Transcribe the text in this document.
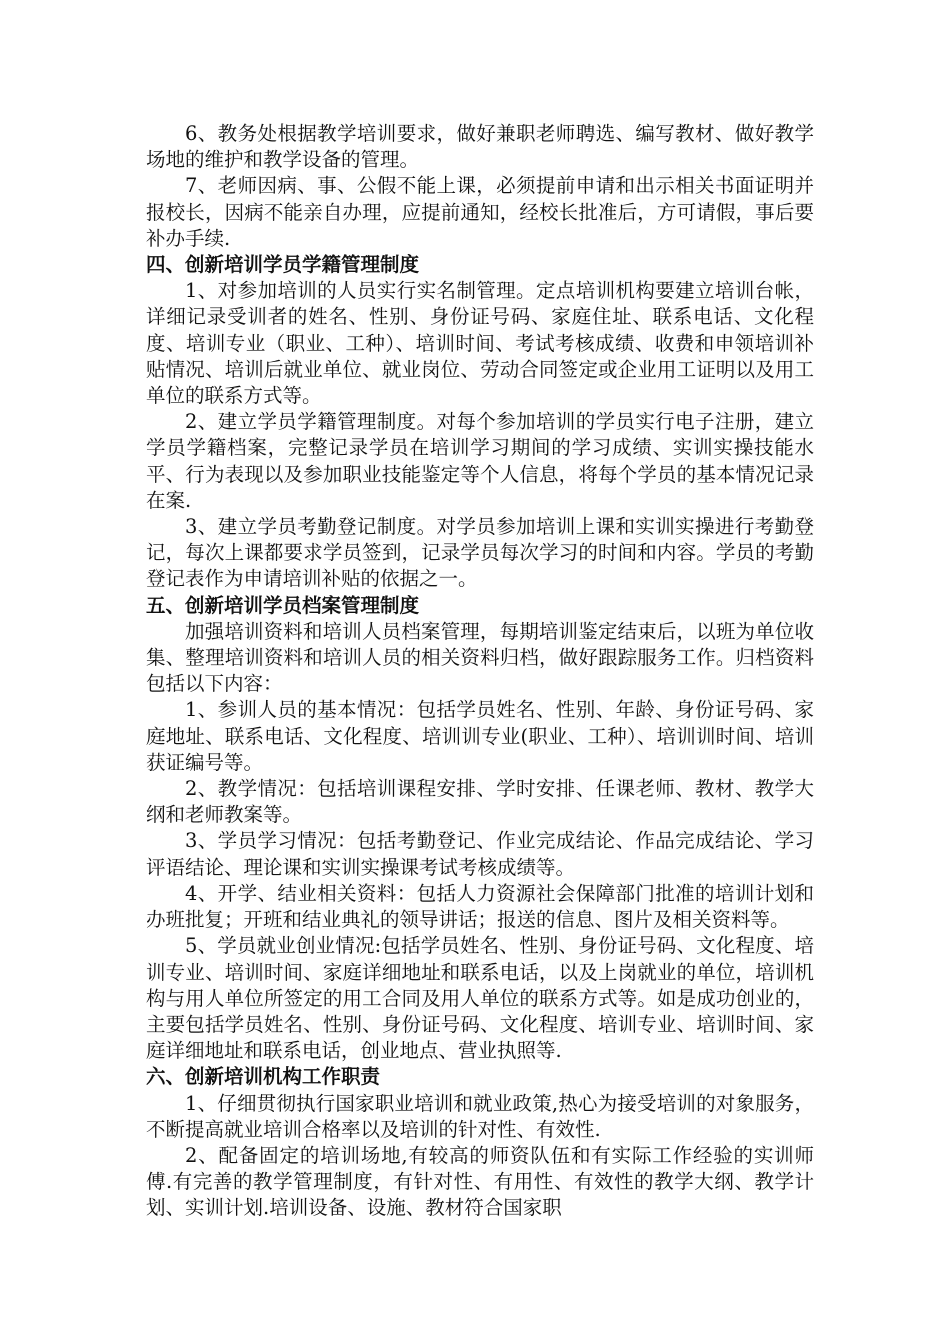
6、教务处根据教学培训要求，做好兼职老师聘选、编写教材、做好教学场地的维护和教学设备的管理。

7、老师因病、事、公假不能上课，必须提前申请和出示相关书面证明并报校长，因病不能亲自办理，应提前通知，经校长批准后，方可请假，事后要补办手续.

四、创新培训学员学籍管理制度

1、对参加培训的人员实行实名制管理。定点培训机构要建立培训台帐，详细记录受训者的姓名、性别、身份证号码、家庭住址、联系电话、文化程度、培训专业（职业、工种）、培训时间、考试考核成绩、收费和申领培训补贴情况、培训后就业单位、就业岗位、劳动合同签定或企业用工证明以及用工单位的联系方式等。

2、建立学员学籍管理制度。对每个参加培训的学员实行电子注册，建立学员学籍档案，完整记录学员在培训学习期间的学习成绩、实训实操技能水平、行为表现以及参加职业技能鉴定等个人信息，将每个学员的基本情况记录在案.

3、建立学员考勤登记制度。对学员参加培训上课和实训实操进行考勤登记，每次上课都要求学员签到，记录学员每次学习的时间和内容。学员的考勤登记表作为申请培训补贴的依据之一。

五、创新培训学员档案管理制度

加强培训资料和培训人员档案管理，每期培训鉴定结束后，以班为单位收集、整理培训资料和培训人员的相关资料归档，做好跟踪服务工作。归档资料包括以下内容：

1、参训人员的基本情况：包括学员姓名、性别、年龄、身份证号码、家庭地址、联系电话、文化程度、培训训专业(职业、工种）、培训训时间、培训获证编号等。

2、教学情况：包括培训课程安排、学时安排、任课老师、教材、教学大纲和老师教案等。

3、学员学习情况：包括考勤登记、作业完成结论、作品完成结论、学习评语结论、理论课和实训实操课考试考核成绩等。

4、开学、结业相关资料：包括人力资源社会保障部门批准的培训计划和办班批复；开班和结业典礼的领导讲话；报送的信息、图片及相关资料等。

5、学员就业创业情况:包括学员姓名、性别、身份证号码、文化程度、培训专业、培训时间、家庭详细地址和联系电话，以及上岗就业的单位，培训机构与用人单位所签定的用工合同及用人单位的联系方式等。如是成功创业的，主要包括学员姓名、性别、身份证号码、文化程度、培训专业、培训时间、家庭详细地址和联系电话，创业地点、营业执照等.

六、创新培训机构工作职责

1、仔细贯彻执行国家职业培训和就业政策,热心为接受培训的对象服务，不断提高就业培训合格率以及培训的针对性、有效性.

2、配备固定的培训场地,有较高的师资队伍和有实际工作经验的实训师傅.有完善的教学管理制度，有针对性、有用性、有效性的教学大纲、教学计划、实训计划.培训设备、设施、教材符合国家职
